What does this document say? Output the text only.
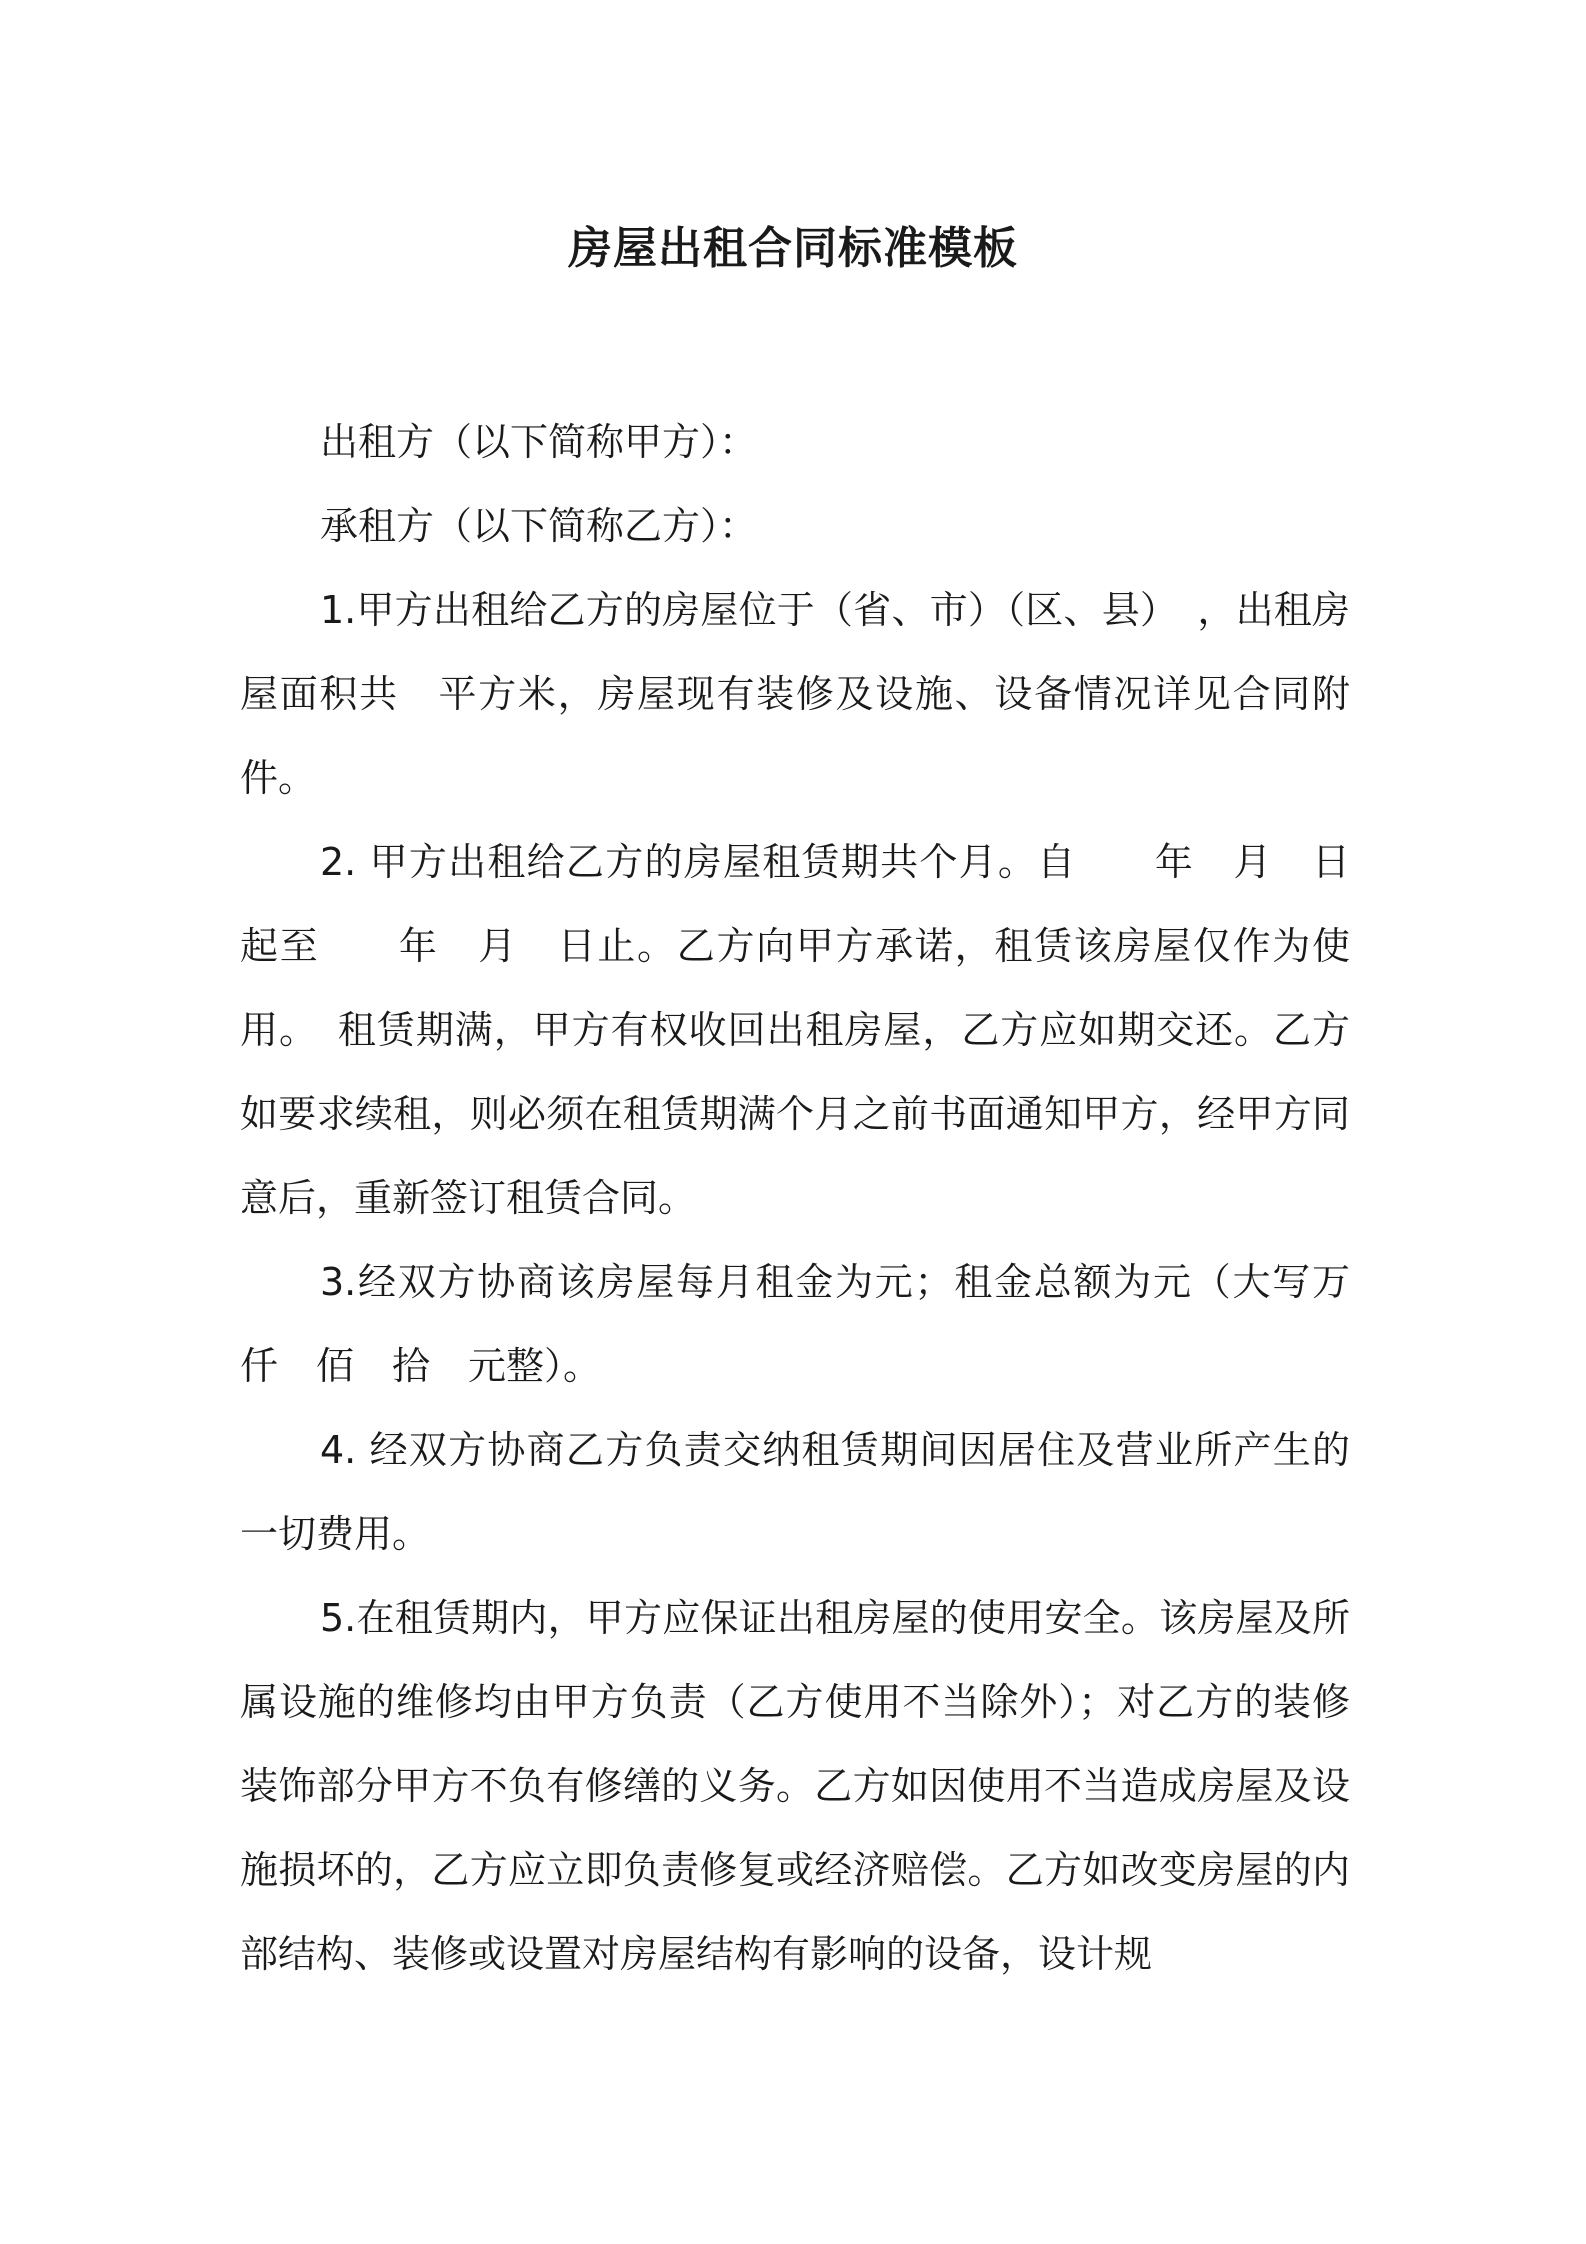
房屋出租合同标准模板

出租方（以下简称甲方）：

承租方（以下简称乙方）：

1.甲方出租给乙方的房屋位于（省、市）（区、县）　，出租房屋面积共　平方米，房屋现有装修及设施、设备情况详见合同附件。

2. 甲方出租给乙方的房屋租赁期共个月。自　　年　月　日起至　　年　月　日止。乙方向甲方承诺，租赁该房屋仅作为使用。　租赁期满，甲方有权收回出租房屋，乙方应如期交还。乙方如要求续租，则必须在租赁期满个月之前书面通知甲方，经甲方同意后，重新签订租赁合同。

3.经双方协商该房屋每月租金为元；租金总额为元（大写万　仟　佰　拾　元整）。

4. 经双方协商乙方负责交纳租赁期间因居住及营业所产生的一切费用。

5.在租赁期内，甲方应保证出租房屋的使用安全。该房屋及所属设施的维修均由甲方负责（乙方使用不当除外）；对乙方的装修装饰部分甲方不负有修缮的义务。乙方如因使用不当造成房屋及设施损坏的，乙方应立即负责修复或经济赔偿。乙方如改变房屋的内部结构、装修或设置对房屋结构有影响的设备，设计规
